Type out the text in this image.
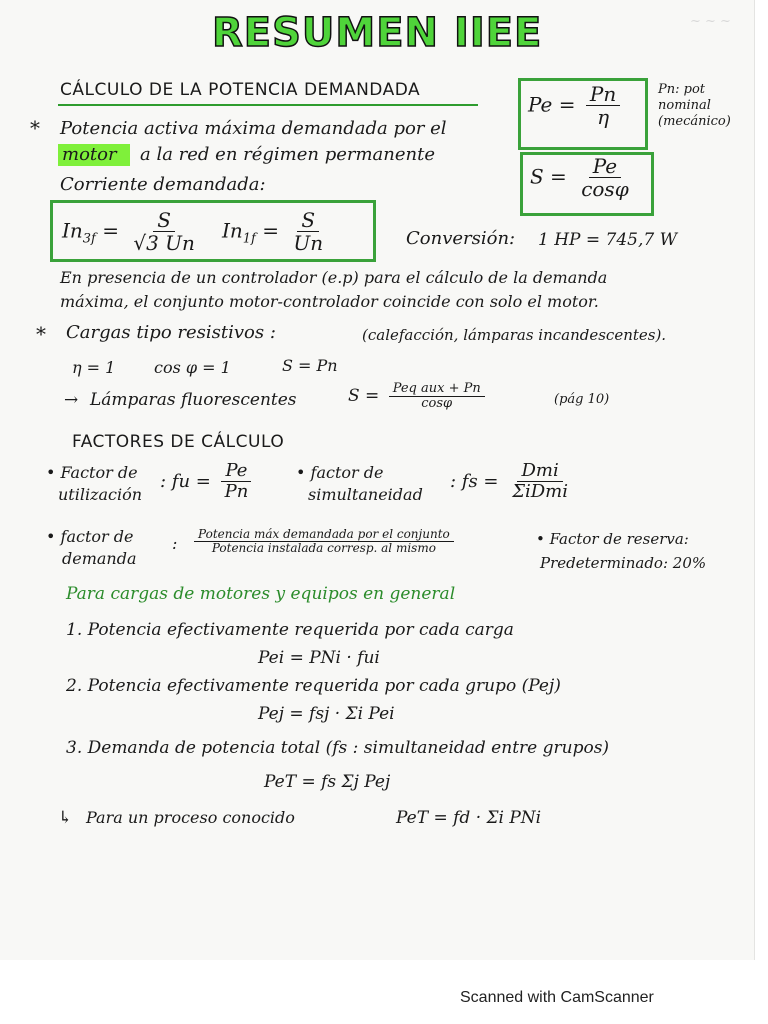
~ ~ ~
RESUMEN IIEE
CÁLCULO DE LA POTENCIA DEMANDADA
* Potencia activa máxima demandada por el
motor a la red en régimen permanente
Corriente demandada:
$In_{3f} = \frac{S}{√3 Un} In_{1f} = \frac{S}{Un}$
$Pe = \frac{Pn}{\eta}$	Pn: pot
nominal
(mecánico)
$S = \frac{Pe}{\cos\varphi}$
Conversión: 1 HP = 745,7 W
En presencia de un controlador (e.p) para el cálculo de la demanda
máxima, el conjunto motor-controlador coincide con solo el motor.
* Cargas tipo resistivos :	(calefacción, lámparas incandescentes).
η = 1 cos φ = 1	S = Pn
→ Lámparas fluorescentes	$S = \frac{\text{Peq aux + Pn}}{\cos\varphi}$	(pág 10)
FACTORES DE CÁLCULO
• Factor de
utilización
: fu = $\frac{Pe}{Pn}$	• factor de
simultaneidad
: fs = $\frac{\text{Dmi}}{\text{ΣiDmi}}$
• factor de
demanda
: $\frac{\text{Potencia máx demandada por el conjunto}}{\text{Potencia instalada corresp. al mismo}}$	• Factor de reserva:
Predeterminado: 20%
Para cargas de motores y equipos en general
1. Potencia efectivamente requerida por cada carga
Pei = PNi · fui
2. Potencia efectivamente requerida por cada grupo (Pej)
Pej = fsj · Σi Pei
3. Demanda de potencia total (fs : simultaneidad entre grupos)
PeT = fs Σj Pej
↳ Para un proceso conocido	PeT = fd · Σi PNi
Scanned with CamScanner
